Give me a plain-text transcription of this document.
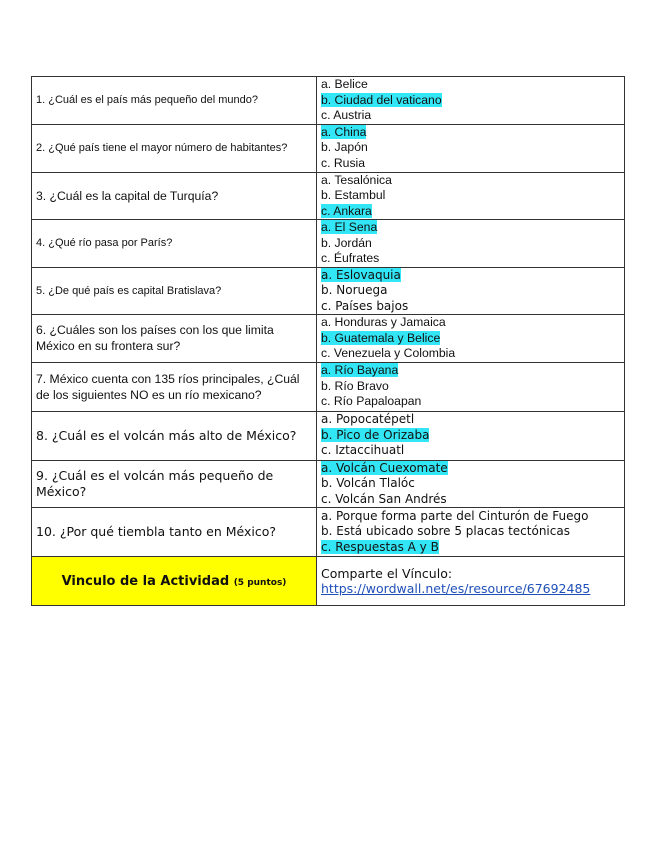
1. ¿Cuál es el país más pequeño del mundo?	a. Belice
b. Ciudad del vaticano
c. Austria

2. ¿Qué país tiene el mayor número de habitantes?	a. China
b. Japón
c. Rusia

3. ¿Cuál es la capital de Turquía?	a. Tesalónica
b. Estambul
c. Ankara

4. ¿Qué río pasa por París?	a. El Sena
b. Jordán
c. Éufrates

5. ¿De qué país es capital Bratislava?	a. Eslovaquia
b. Noruega
c. Países bajos

6. ¿Cuáles son los países con los que limita México en su frontera sur?	a. Honduras y Jamaica
b. Guatemala y Belice
c. Venezuela y Colombia

7. México cuenta con 135 ríos principales, ¿Cuál de los siguientes NO es un río mexicano?	a. Río Bayana
b. Río Bravo
c. Río Papaloapan

8. ¿Cuál es el volcán más alto de México?	a. Popocatépetl
b. Pico de Orizaba
c. Iztaccihuatl

9. ¿Cuál es el volcán más pequeño de México?	a. Volcán Cuexomate
b. Volcán Tlalóc
c. Volcán San Andrés

10. ¿Por qué tiembla tanto en México?	a. Porque forma parte del Cinturón de Fuego
b. Está ubicado sobre 5 placas tectónicas
c. Respuestas A y B

Vinculo de la Actividad (5 puntos)	Comparte el Vínculo:
https://wordwall.net/es/resource/67692485
